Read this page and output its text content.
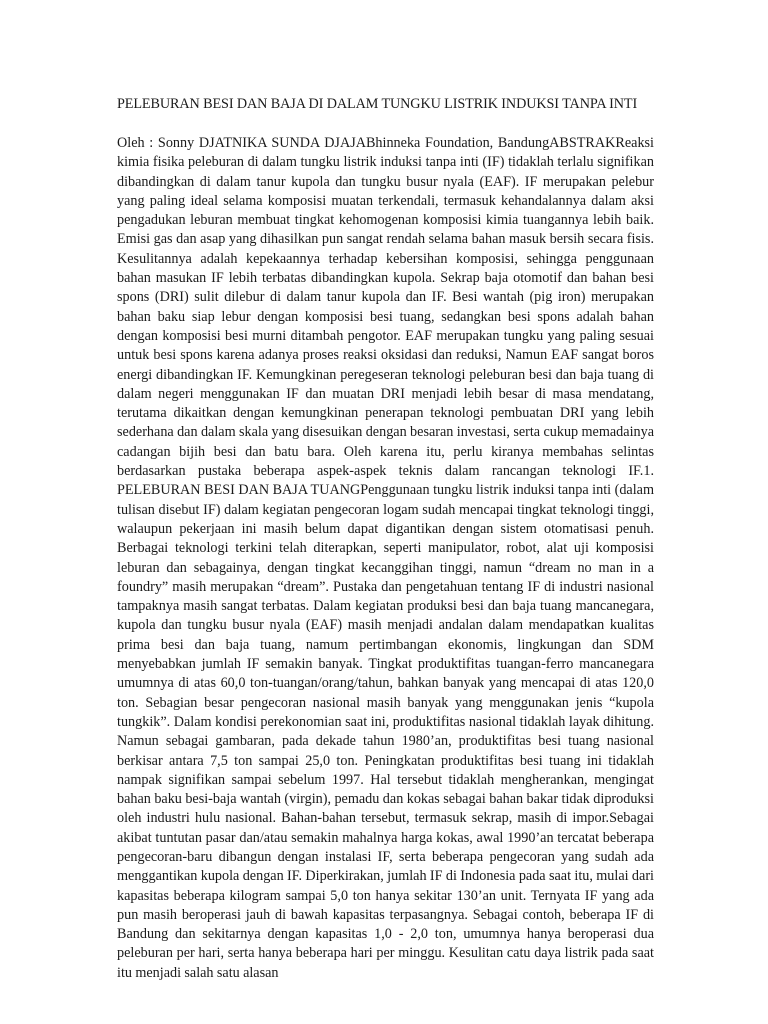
PELEBURAN BESI DAN BAJA DI DALAM TUNGKU LISTRIK INDUKSI TANPA INTI

Oleh : Sonny DJATNIKA SUNDA DJAJABhinneka Foundation, BandungABSTRAKReaksi kimia fisika peleburan di dalam tungku listrik induksi tanpa inti (IF) tidaklah terlalu signifikan dibandingkan di dalam tanur kupola dan tungku busur nyala (EAF). IF merupakan pelebur yang paling ideal selama komposisi muatan terkendali, termasuk kehandalannya dalam aksi pengadukan leburan membuat tingkat kehomogenan komposisi kimia tuangannya lebih baik. Emisi gas dan asap yang dihasilkan pun sangat rendah selama bahan masuk bersih secara fisis. Kesulitannya adalah kepekaannya terhadap kebersihan komposisi, sehingga penggunaan bahan masukan IF lebih terbatas dibandingkan kupola. Sekrap baja otomotif dan bahan besi spons (DRI) sulit dilebur di dalam tanur kupola dan IF. Besi wantah (pig iron) merupakan bahan baku siap lebur dengan komposisi besi tuang, sedangkan besi spons adalah bahan dengan komposisi besi murni ditambah pengotor. EAF merupakan tungku yang paling sesuai untuk besi spons karena adanya proses reaksi oksidasi dan reduksi, Namun EAF sangat boros energi dibandingkan IF. Kemungkinan peregeseran teknologi peleburan besi dan baja tuang di dalam negeri menggunakan IF dan muatan DRI menjadi lebih besar di masa mendatang, terutama dikaitkan dengan kemungkinan penerapan teknologi pembuatan DRI yang lebih sederhana dan dalam skala yang disesuikan dengan besaran investasi, serta cukup memadainya cadangan bijih besi dan batu bara. Oleh karena itu, perlu kiranya membahas selintas berdasarkan pustaka beberapa aspek-aspek teknis dalam rancangan teknologi IF.1. PELEBURAN BESI DAN BAJA TUANGPenggunaan tungku listrik induksi tanpa inti (dalam tulisan disebut IF) dalam kegiatan pengecoran logam sudah mencapai tingkat teknologi tinggi, walaupun pekerjaan ini masih belum dapat digantikan dengan sistem otomatisasi penuh. Berbagai teknologi terkini telah diterapkan, seperti manipulator, robot, alat uji komposisi leburan dan sebagainya, dengan tingkat kecanggihan tinggi, namun “dream no man in a foundry” masih merupakan “dream”. Pustaka dan pengetahuan tentang IF di industri nasional tampaknya masih sangat terbatas. Dalam kegiatan produksi besi dan baja tuang mancanegara, kupola dan tungku busur nyala (EAF) masih menjadi andalan dalam mendapatkan kualitas prima besi dan baja tuang, namum pertimbangan ekonomis, lingkungan dan SDM menyebabkan jumlah IF semakin banyak. Tingkat produktifitas tuangan-ferro mancanegara umumnya di atas 60,0 ton-tuangan/orang/tahun, bahkan banyak yang mencapai di atas 120,0 ton. Sebagian besar pengecoran nasional masih banyak yang menggunakan jenis “kupola tungkik”. Dalam kondisi perekonomian saat ini, produktifitas nasional tidaklah layak dihitung. Namun sebagai gambaran, pada dekade tahun 1980’an, produktifitas besi tuang nasional berkisar antara 7,5 ton sampai 25,0 ton. Peningkatan produktifitas besi tuang ini tidaklah nampak signifikan sampai sebelum 1997. Hal tersebut tidaklah mengherankan, mengingat bahan baku besi-baja wantah (virgin), pemadu dan kokas sebagai bahan bakar tidak diproduksi oleh industri hulu nasional. Bahan-bahan tersebut, termasuk sekrap, masih di impor.Sebagai akibat tuntutan pasar dan/atau semakin mahalnya harga kokas, awal 1990’an tercatat beberapa pengecoran-baru dibangun dengan instalasi IF, serta beberapa pengecoran yang sudah ada menggantikan kupola dengan IF. Diperkirakan, jumlah IF di Indonesia pada saat itu, mulai dari kapasitas beberapa kilogram sampai 5,0 ton hanya sekitar 130’an unit. Ternyata IF yang ada pun masih beroperasi jauh di bawah kapasitas terpasangnya. Sebagai contoh, beberapa IF di Bandung dan sekitarnya dengan kapasitas 1,0 - 2,0 ton, umumnya hanya beroperasi dua peleburan per hari, serta hanya beberapa hari per minggu. Kesulitan catu daya listrik pada saat itu menjadi salah satu alasan
